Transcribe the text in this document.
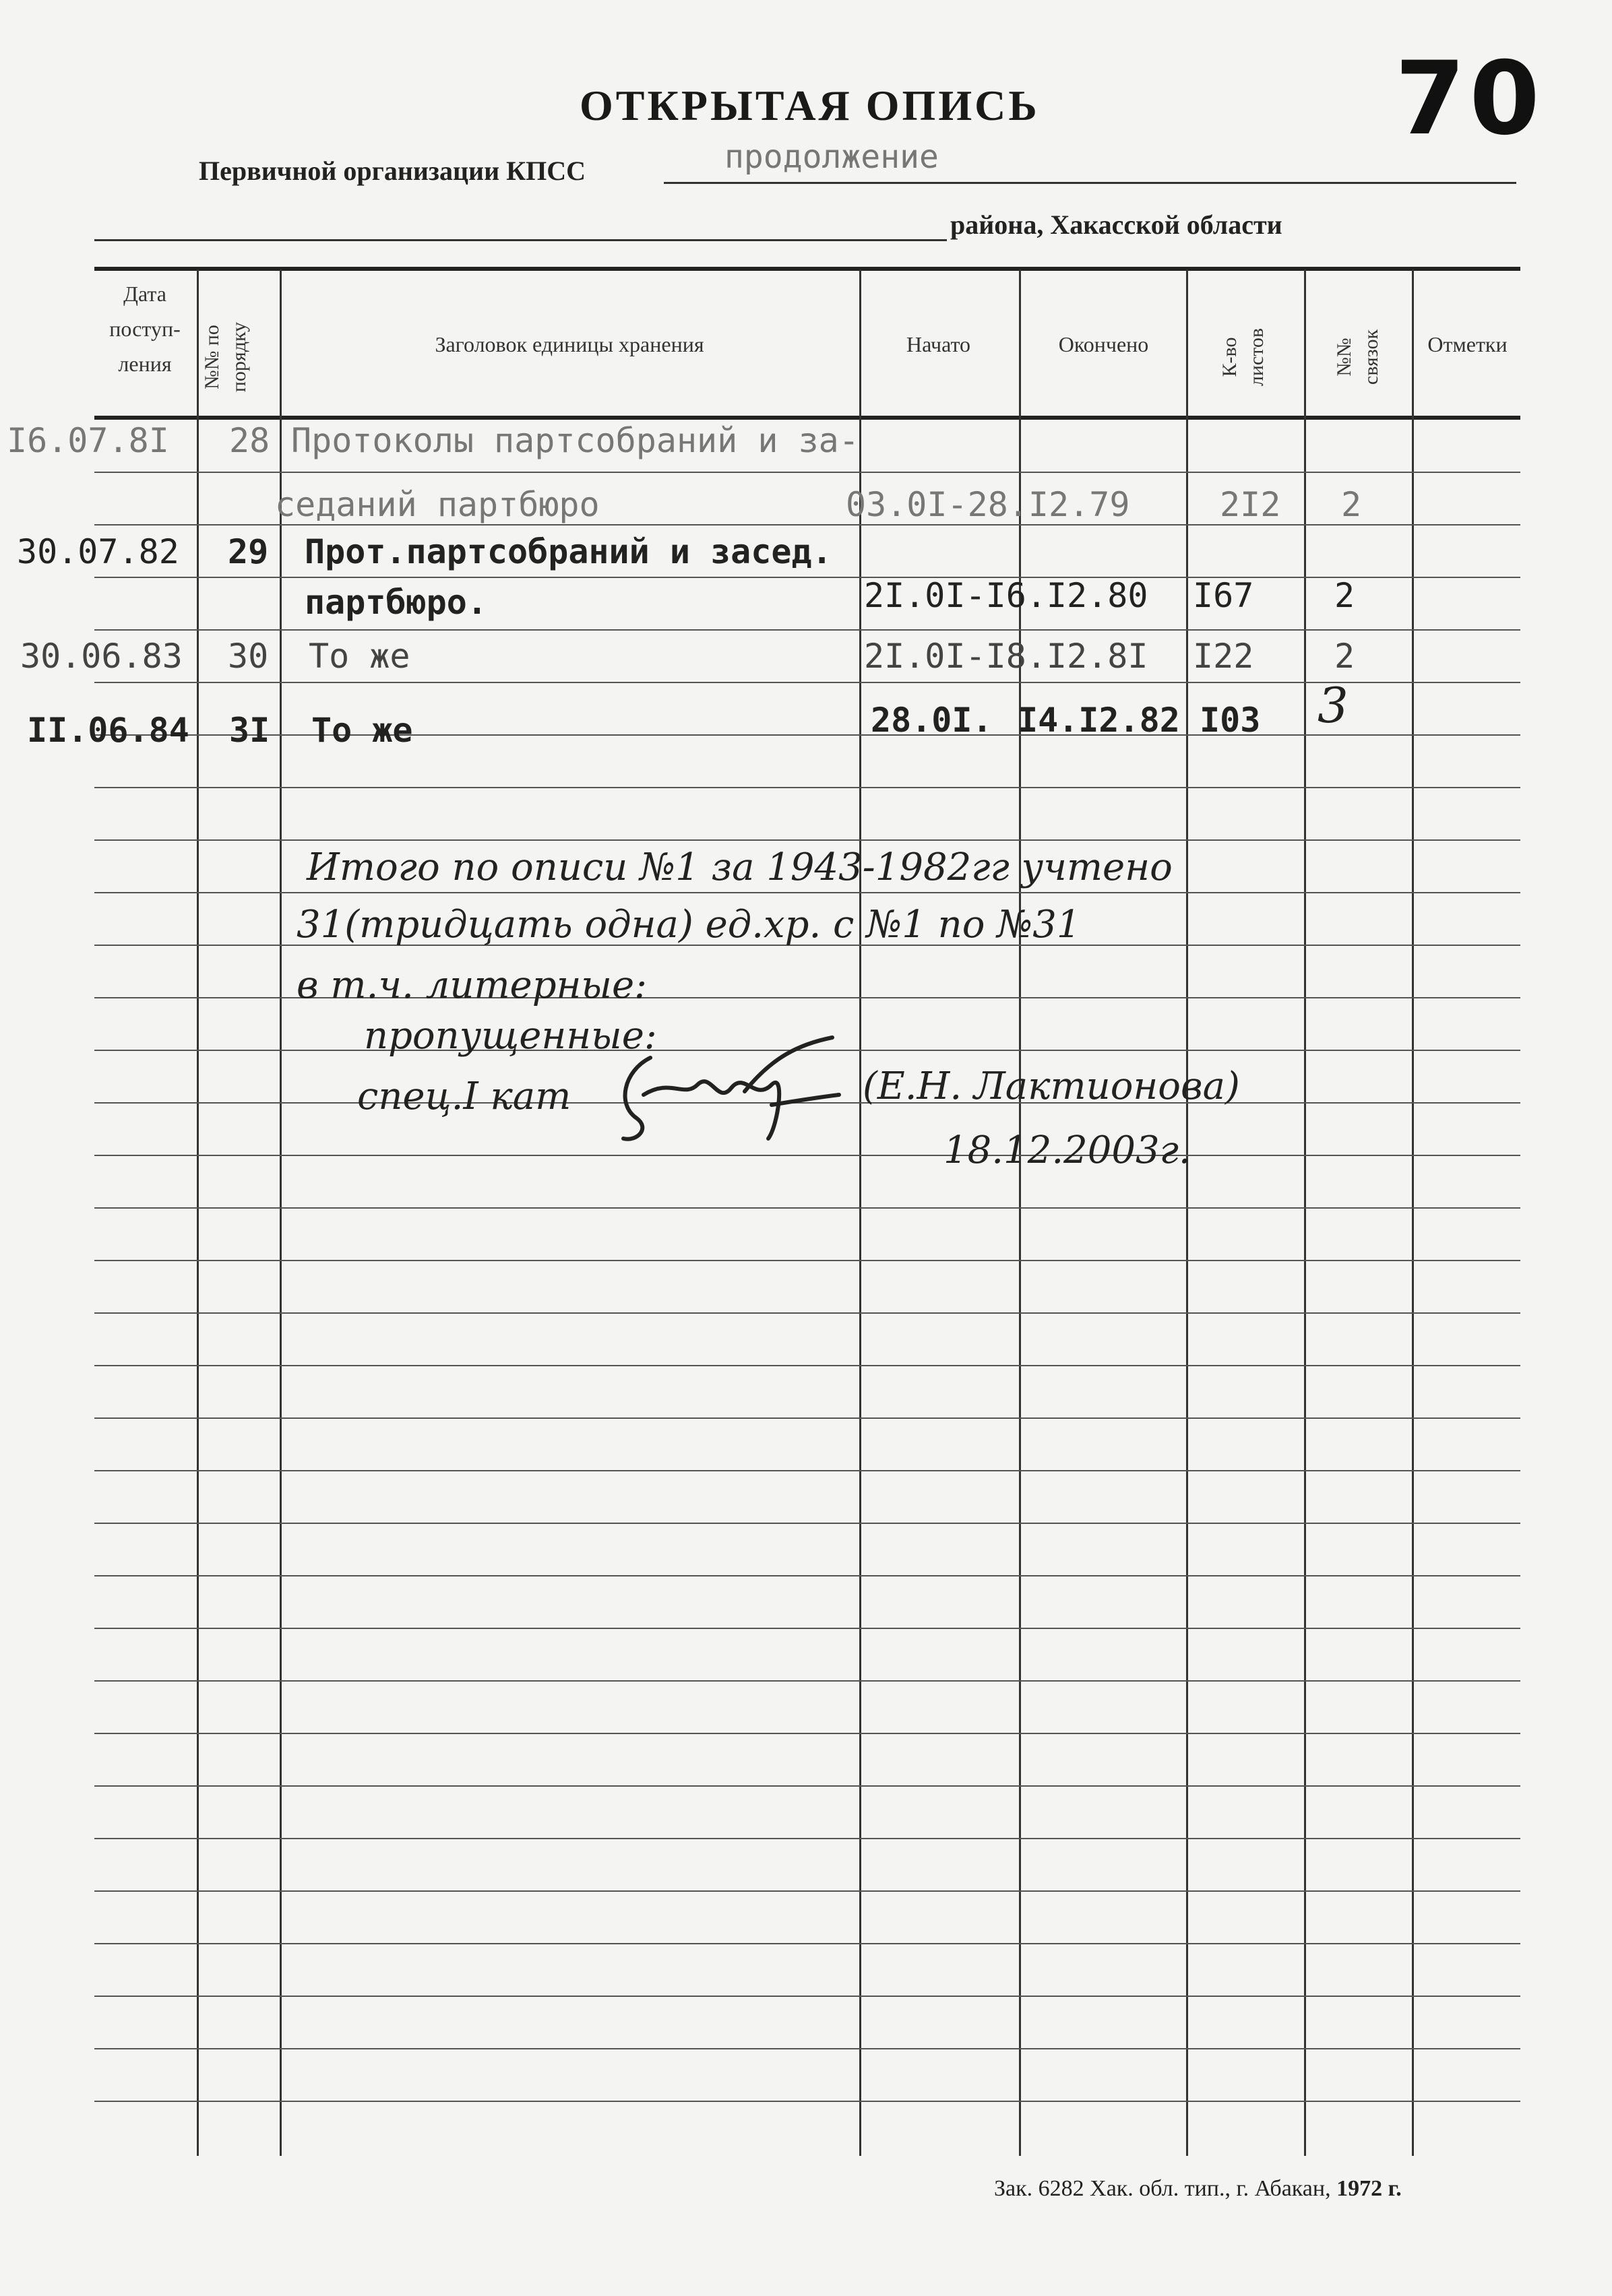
70
ОТКРЫТАЯ ОПИСЬ
Первичной организации КПСС	продолжение
района, Хакасской области
Дата
поступ-
ления	№№ по порядку	Заголовок единицы хранения	Начато	Окончено	К-во листов	№№ связок	Отметки
I6.07.8I 28 Протоколы партсобраний и за-
седаний партбюро	03.0I-28.I2.79	2I2 2
30.07.82 29 Прот.партсобраний и засед.
партбюро.	2I.0I-I6.I2.80 I67 2
30.06.83 30 То же	2I.0I-I8.I2.8I I22 2
II.06.84 3I То же	28.0I. I4.I2.82 I03 3
Итого по описи №1 за 1943-1982гг учтено
31(тридцать одна) ед.хр. с №1 по №31
в т.ч. литерные:
пропущенные:
спец.I кат	(Е.Н. Лактионова)
18.12.2003г.
Зак. 6282 Хак. обл. тип., г. Абакан, 1972 г.
